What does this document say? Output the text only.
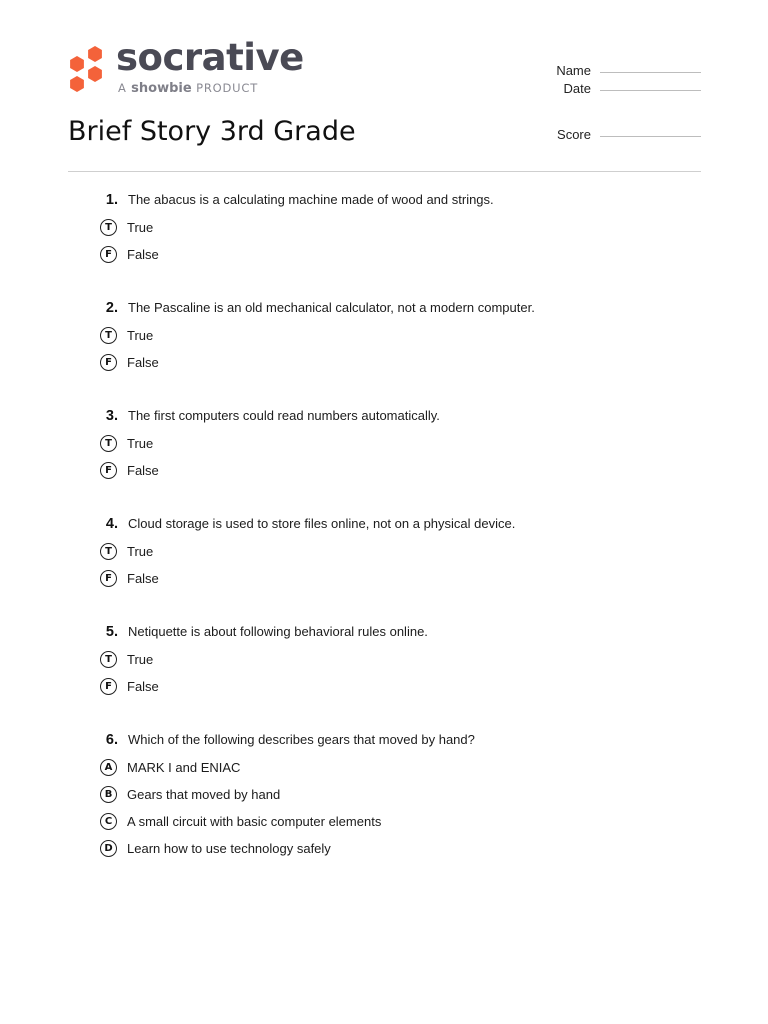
socrative
A showbie PRODUCT
Brief Story 3rd Grade
Name
Date
Score
1. The abacus is a calculating machine made of wood and strings.
T	True
F	False
2. The Pascaline is an old mechanical calculator, not a modern computer.
T	True
F	False
3. The first computers could read numbers automatically.
T	True
F	False
4. Cloud storage is used to store files online, not on a physical device.
T	True
F	False
5. Netiquette is about following behavioral rules online.
T	True
F	False
6. Which of the following describes gears that moved by hand?
A	MARK I and ENIAC
B	Gears that moved by hand
C	A small circuit with basic computer elements
D	Learn how to use technology safely
